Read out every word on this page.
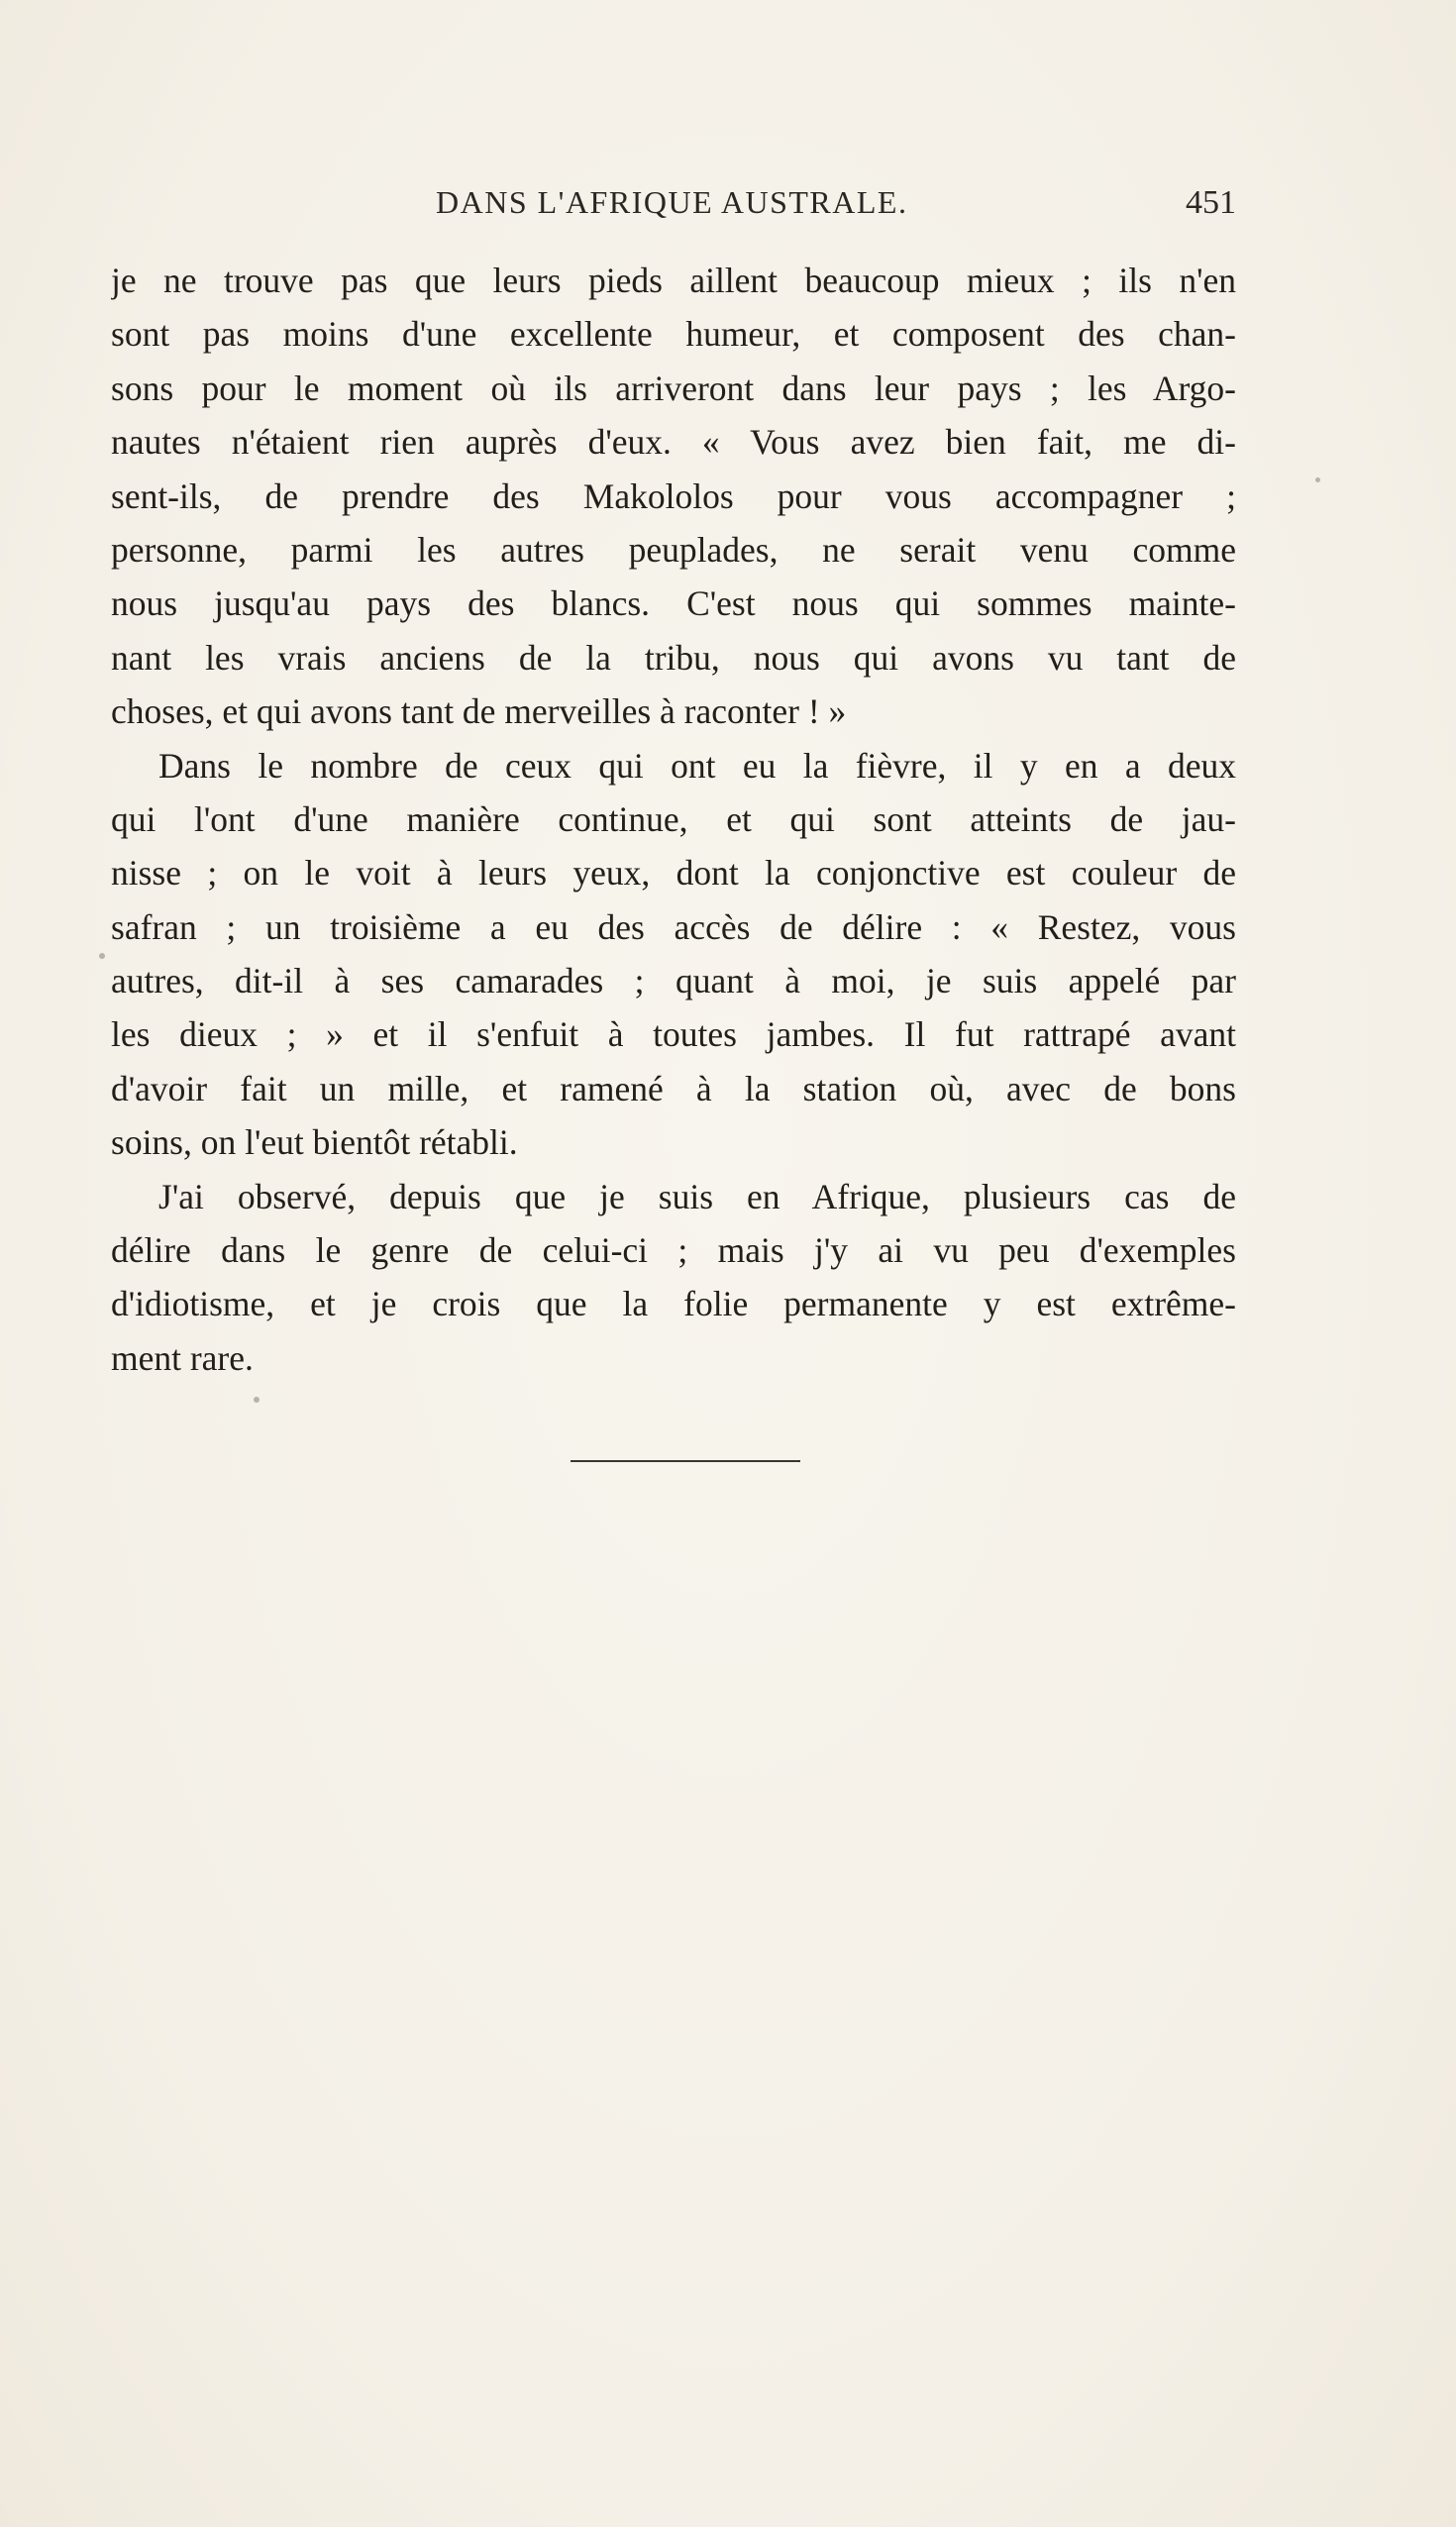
DANS L'AFRIQUE AUSTRALE.	451
je ne trouve pas que leurs pieds aillent beaucoup mieux ; ils n'en
sont pas moins d'une excellente humeur, et composent des chan-
sons pour le moment où ils arriveront dans leur pays ; les Argo-
nautes n'étaient rien auprès d'eux. « Vous avez bien fait, me di-
sent-ils, de prendre des Makololos pour vous accompagner ;
personne, parmi les autres peuplades, ne serait venu comme
nous jusqu'au pays des blancs. C'est nous qui sommes mainte-
nant les vrais anciens de la tribu, nous qui avons vu tant de
choses, et qui avons tant de merveilles à raconter ! »
Dans le nombre de ceux qui ont eu la fièvre, il y en a deux
qui l'ont d'une manière continue, et qui sont atteints de jau-
nisse ; on le voit à leurs yeux, dont la conjonctive est couleur de
safran ; un troisième a eu des accès de délire : « Restez, vous
autres, dit-il à ses camarades ; quant à moi, je suis appelé par
les dieux ; » et il s'enfuit à toutes jambes. Il fut rattrapé avant
d'avoir fait un mille, et ramené à la station où, avec de bons
soins, on l'eut bientôt rétabli.
J'ai observé, depuis que je suis en Afrique, plusieurs cas de
délire dans le genre de celui-ci ; mais j'y ai vu peu d'exemples
d'idiotisme, et je crois que la folie permanente y est extrême-
ment rare.
